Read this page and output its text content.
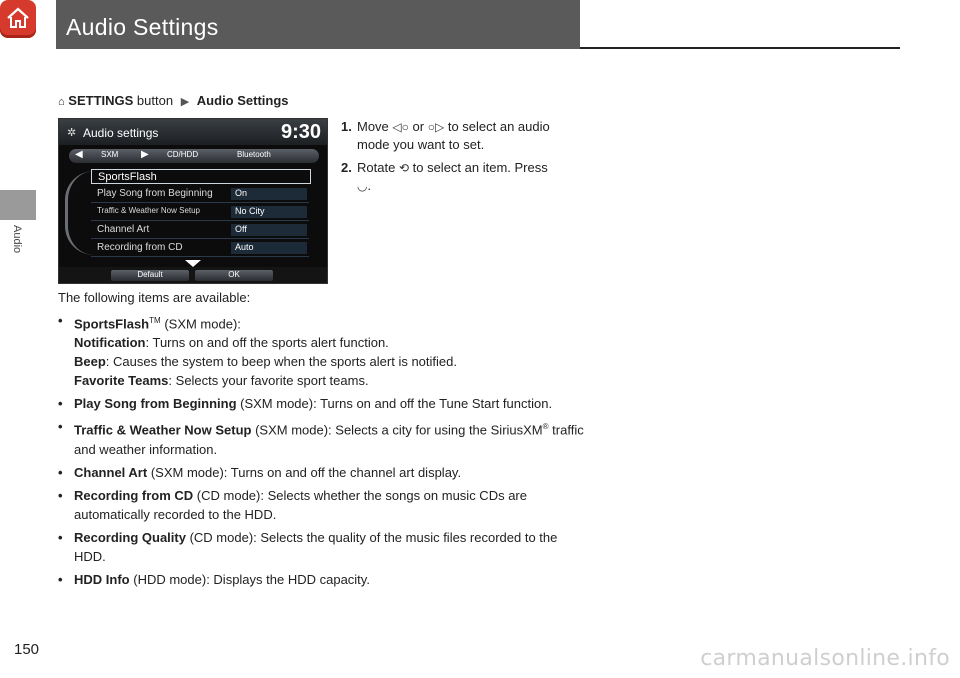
Audio
Audio Settings
⌂ SETTINGS button ▶ Audio Settings
✲ Audio settings	9:30
◀ SXM ▶ CD/HDD	Bluetooth
SportsFlash
Play Song from Beginning	On
Traffic & Weather Now Setup	No City
Channel Art	Off
Recording from CD	Auto
Default	OK
1. Move ◁○ or ○▷ to select an audio mode you want to set.
2. Rotate ⟲ to select an item. Press
◡.

The following items are available:

• SportsFlash™ (SXM mode):

Notification: Turns on and off the sports alert function.

Beep: Causes the system to beep when the sports alert is notified.

Favorite Teams: Selects your favorite sport teams.

• Play Song from Beginning (SXM mode): Turns on and off the Tune Start function.
• Traffic & Weather Now Setup (SXM mode): Selects a city for using the SiriusXM® traffic and weather information.
• Channel Art (SXM mode): Turns on and off the channel art display.
• Recording from CD (CD mode): Selects whether the songs on music CDs are automatically recorded to the HDD.
• Recording Quality (CD mode): Selects the quality of the music files recorded to the HDD.
• HDD Info (HDD mode): Displays the HDD capacity.
150	carmanualsonline.info
